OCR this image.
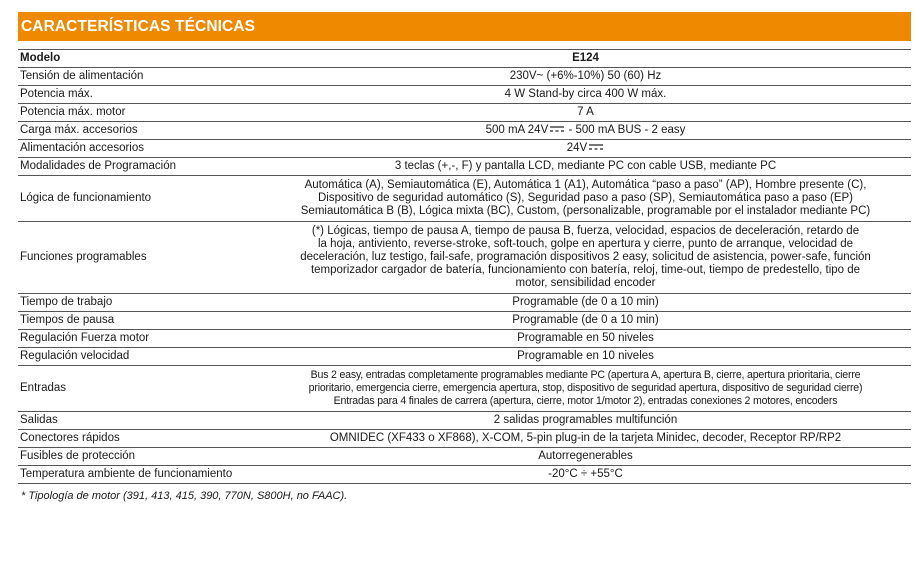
CARACTERÍSTICAS TÉCNICAS
Modelo	E124
Tensión de alimentación	230V~ (+6%-10%) 50 (60) Hz
Potencia máx.	4 W Stand-by circa 400 W máx.
Potencia máx. motor	7 A
Carga máx. accesorios	500 mA 24V - 500 mA BUS - 2 easy
Alimentación accesorios	24V

Modalidades de Programación	3 teclas (+,-, F) y pantalla LCD, mediante PC con cable USB, mediante PC
Lógica de funcionamiento	Automática (A), Semiautomática (E), Automática 1 (A1), Automática “paso a paso” (AP), Hombre presente (C),
Dispositivo de seguridad automático (S), Seguridad paso a paso (SP), Semiautomática paso a paso (EP)
Semiautomática B (B), Lógica mixta (BC), Custom, (personalizable, programable por el instalador mediante PC)

Funciones programables	(*) Lógicas, tiempo de pausa A, tiempo de pausa B, fuerza, velocidad, espacios de deceleración, retardo de
la hoja, antiviento, reverse-stroke, soft-touch, golpe en apertura y cierre, punto de arranque, velocidad de
deceleración, luz testigo, fail-safe, programación dispositivos 2 easy, solicitud de asistencia, power-safe, función
temporizador cargador de batería, funcionamiento con batería, reloj, time-out, tiempo de predestello, tipo de
motor, sensibilidad encoder

Tiempo de trabajo	Programable (de 0 a 10 min)
Tiempos de pausa	Programable (de 0 a 10 min)
Regulación Fuerza motor	Programable en 50 niveles
Regulación velocidad	Programable en 10 niveles
Entradas	Bus 2 easy, entradas completamente programables mediante PC (apertura A, apertura B, cierre, apertura prioritaria, cierre
prioritario, emergencia cierre, emergencia apertura, stop, dispositivo de seguridad apertura, dispositivo de seguridad cierre)
Entradas para 4 finales de carrera (apertura, cierre, motor 1/motor 2), entradas conexiones 2 motores, encoders

Salidas	2 salidas programables multifunción
Conectores rápidos	OMNIDEC (XF433 o XF868), X-COM, 5-pin plug-in de la tarjeta Minidec, decoder, Receptor RP/RP2
Fusibles de protección	Autorregenerables
Temperatura ambiente de funcionamiento	-20°C ÷ +55°C
* Tipología de motor (391, 413, 415, 390, 770N, S800H, no FAAC).
